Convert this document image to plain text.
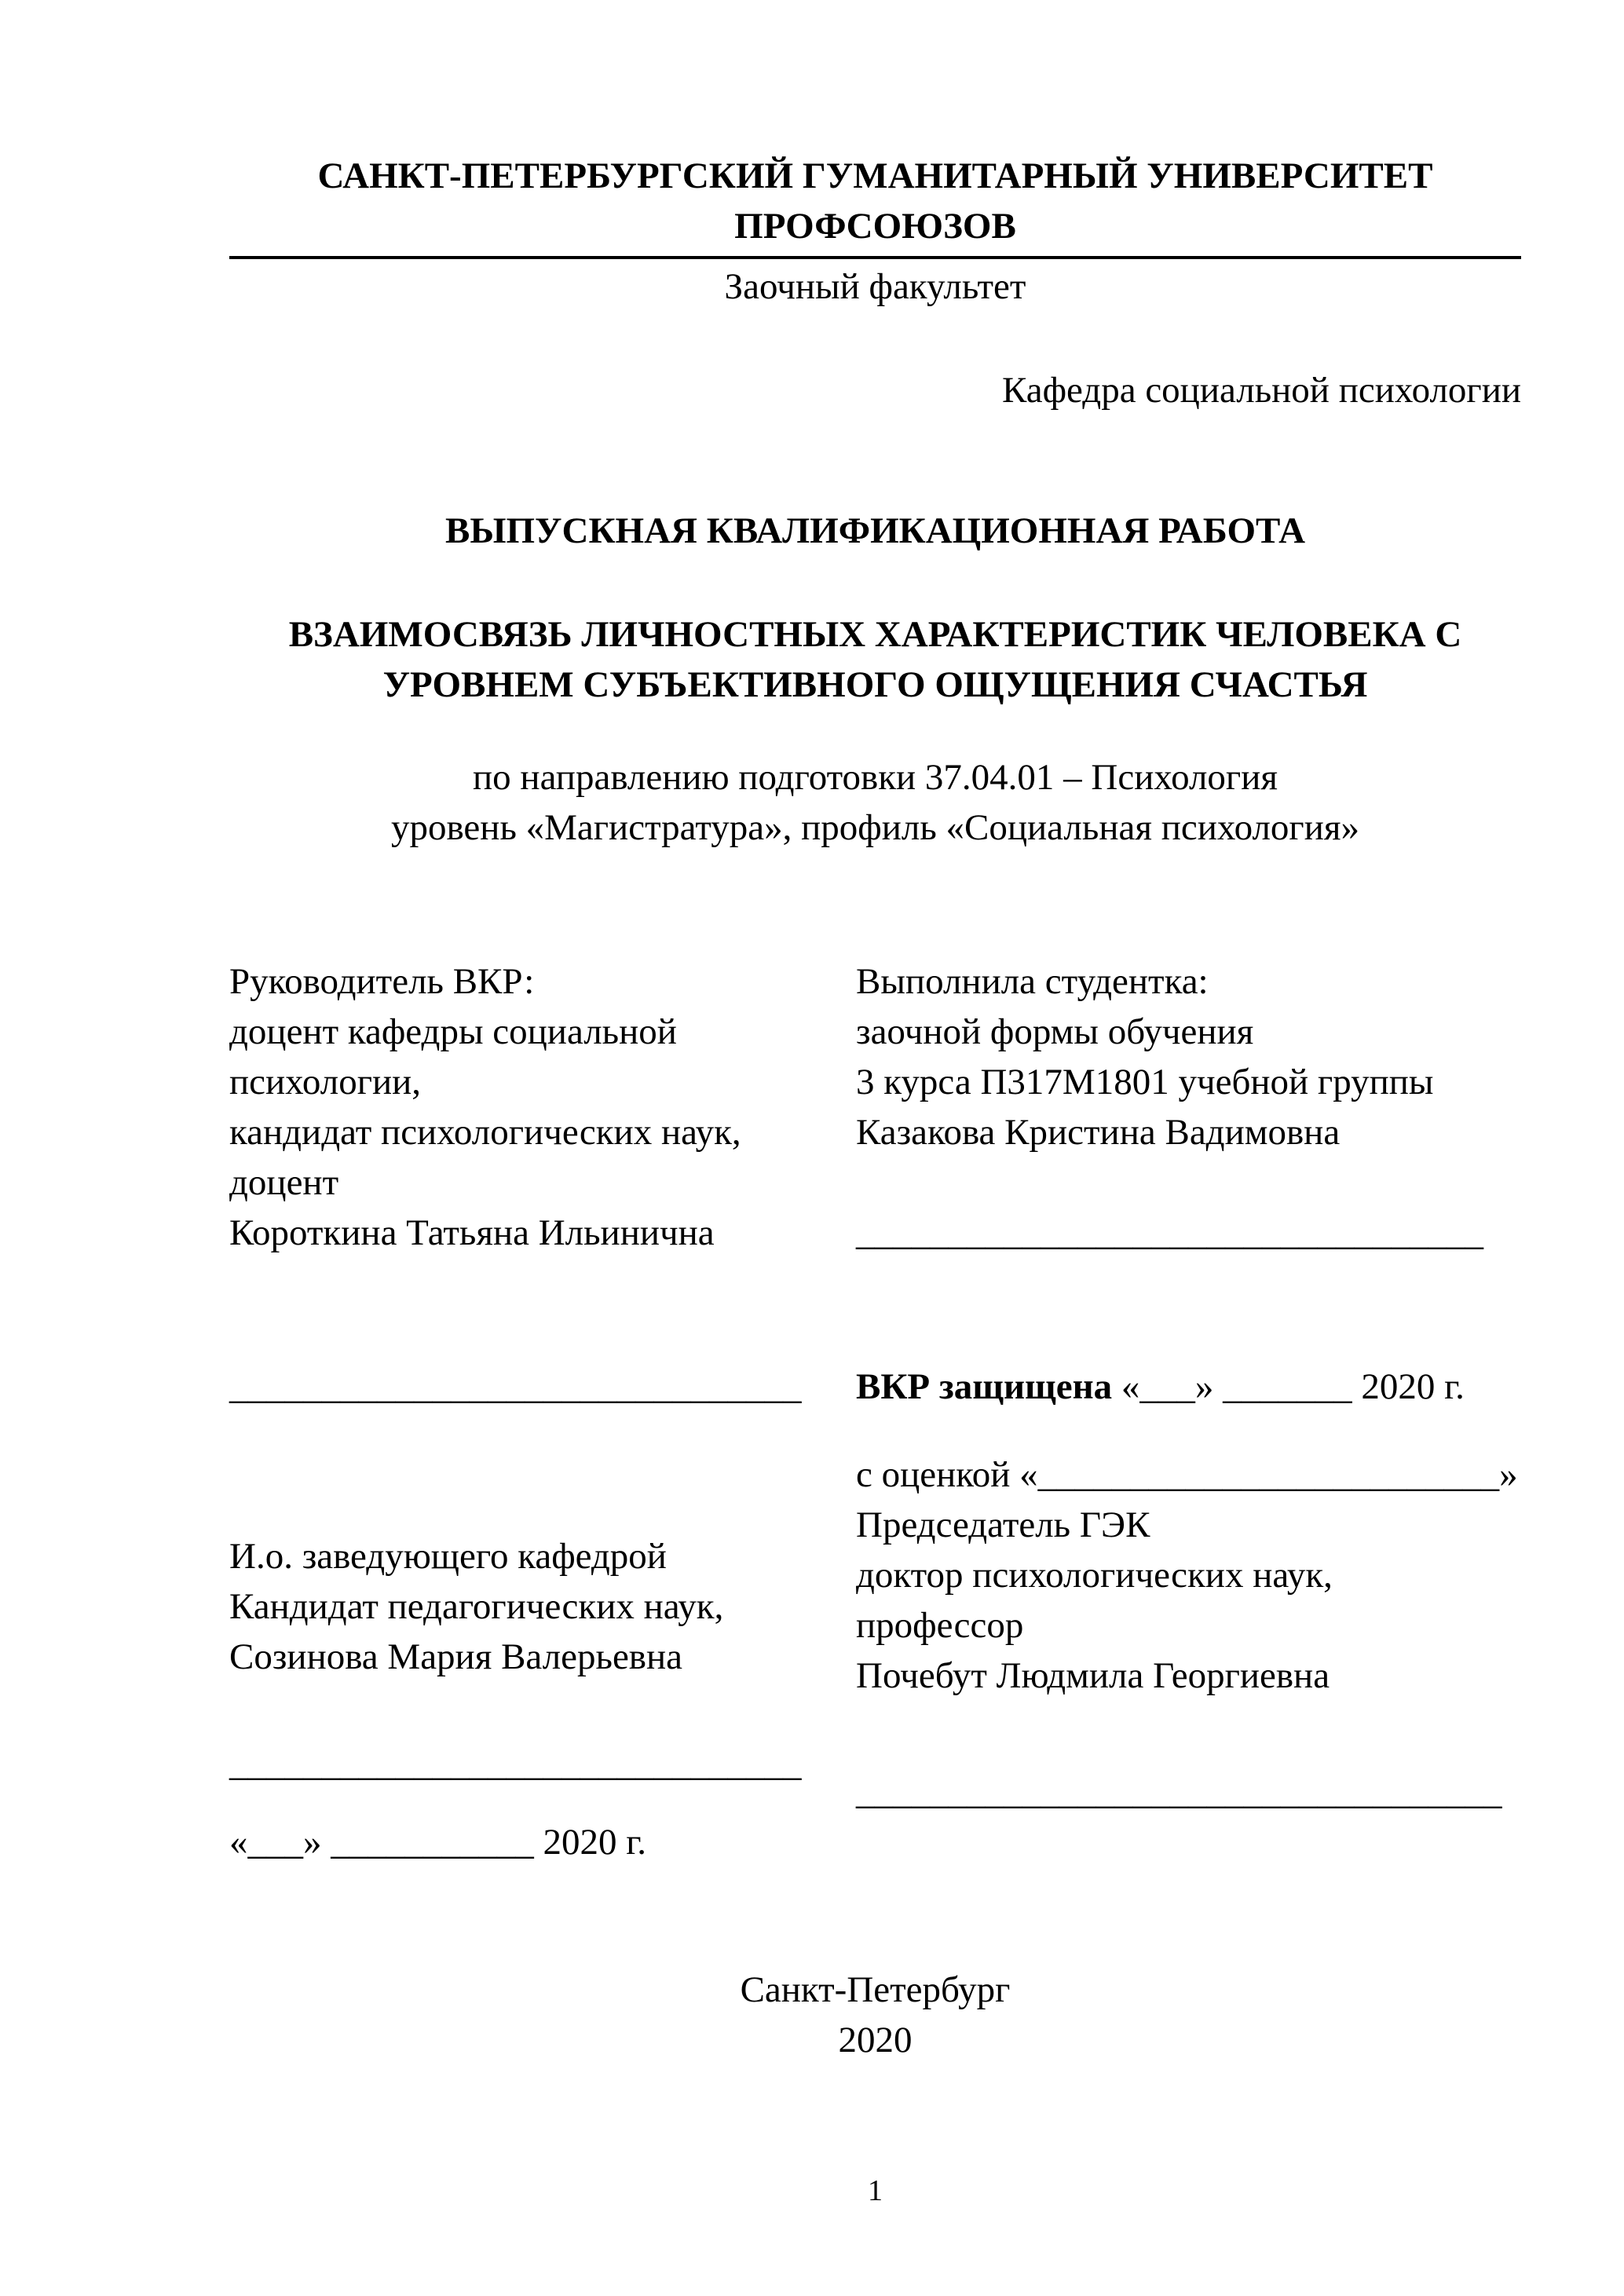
САНКТ-ПЕТЕРБУРГСКИЙ ГУМАНИТАРНЫЙ УНИВЕРСИТЕТ ПРОФСОЮЗОВ
Заочный факультет
Кафедра социальной психологии
ВЫПУСКНАЯ КВАЛИФИКАЦИОННАЯ РАБОТА
ВЗАИМОСВЯЗЬ ЛИЧНОСТНЫХ ХАРАКТЕРИСТИК ЧЕЛОВЕКА С
УРОВНЕМ СУБЪЕКТИВНОГО ОЩУЩЕНИЯ СЧАСТЬЯ
по направлению подготовки 37.04.01 – Психология
уровень «Магистратура», профиль «Социальная психология»
Руководитель ВКР:
доцент кафедры социальной
психологии,
кандидат психологических наук,
доцент
Короткина Татьяна Ильинична
Выполнила студентка:
заочной формы обучения
3 курса П317М1801 учебной группы
Казакова Кристина Вадимовна
__________________________________
_______________________________	ВКР защищена «___» _______ 2020 г.
И.о. заведующего кафедрой
Кандидат педагогических наук,
Созинова Мария Валерьевна
с оценкой «_________________________»
Председатель ГЭК
доктор психологических наук,
профессор
Почебут Людмила Георгиевна
_______________________________
___________________________________
«___» ___________ 2020 г.
Санкт-Петербург
2020
1
